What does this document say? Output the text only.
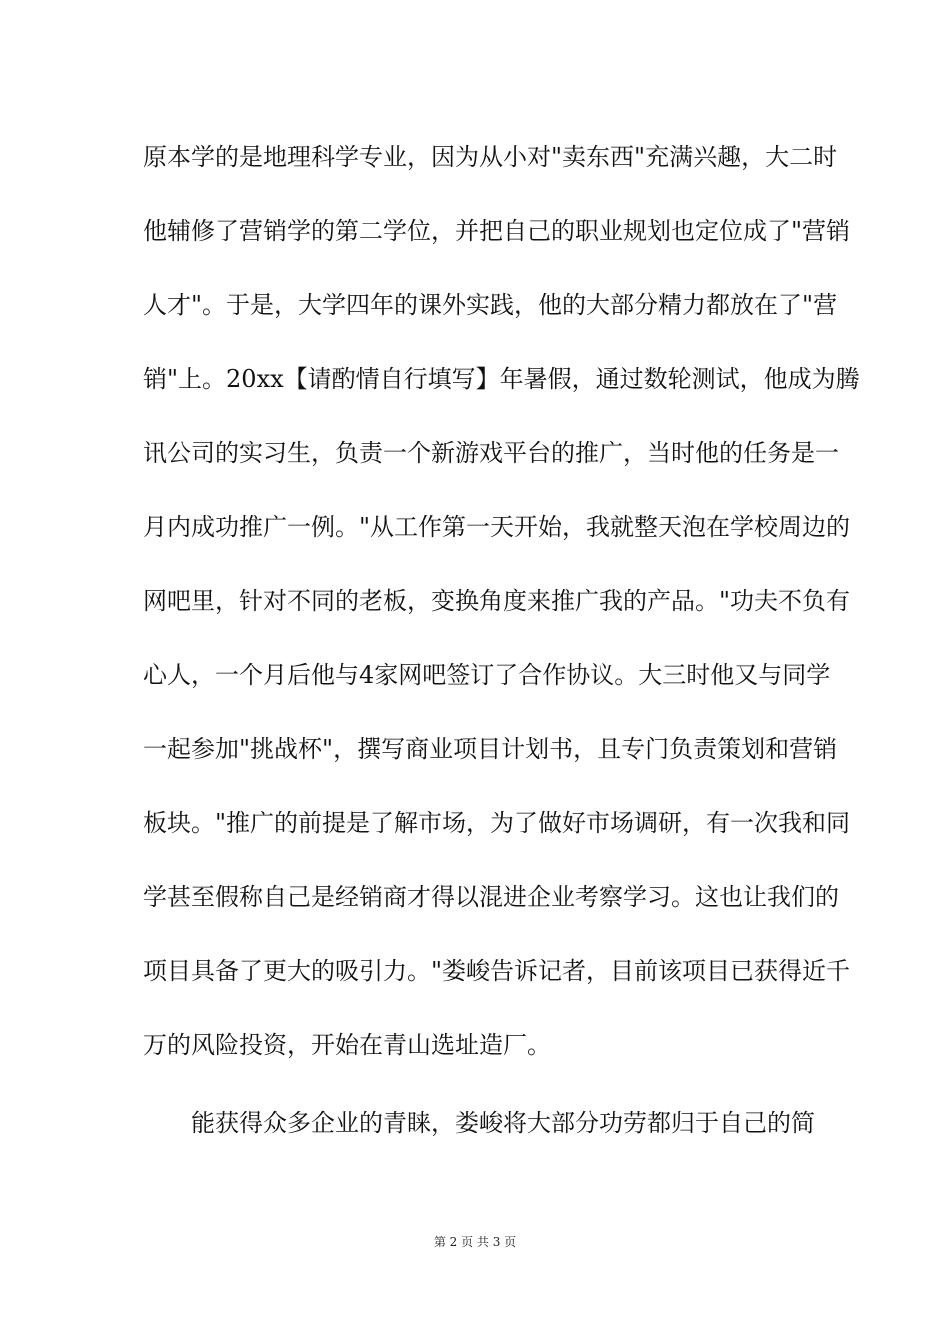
原本学的是地理科学专业，因为从小对"卖东西"充满兴趣，大二时
他辅修了营销学的第二学位，并把自己的职业规划也定位成了"营销
人才"。于是，大学四年的课外实践，他的大部分精力都放在了"营
销"上。20xx【请酌情自行填写】年暑假，通过数轮测试，他成为腾
讯公司的实习生，负责一个新游戏平台的推广，当时他的任务是一
月内成功推广一例。"从工作第一天开始，我就整天泡在学校周边的
网吧里，针对不同的老板，变换角度来推广我的产品。"功夫不负有
心人，一个月后他与4家网吧签订了合作协议。大三时他又与同学
一起参加"挑战杯"，撰写商业项目计划书，且专门负责策划和营销
板块。"推广的前提是了解市场，为了做好市场调研，有一次我和同
学甚至假称自己是经销商才得以混进企业考察学习。这也让我们的
项目具备了更大的吸引力。"娄峻告诉记者，目前该项目已获得近千
万的风险投资，开始在青山选址造厂。
能获得众多企业的青睐，娄峻将大部分功劳都归于自己的简
第 2 页 共 3 页
